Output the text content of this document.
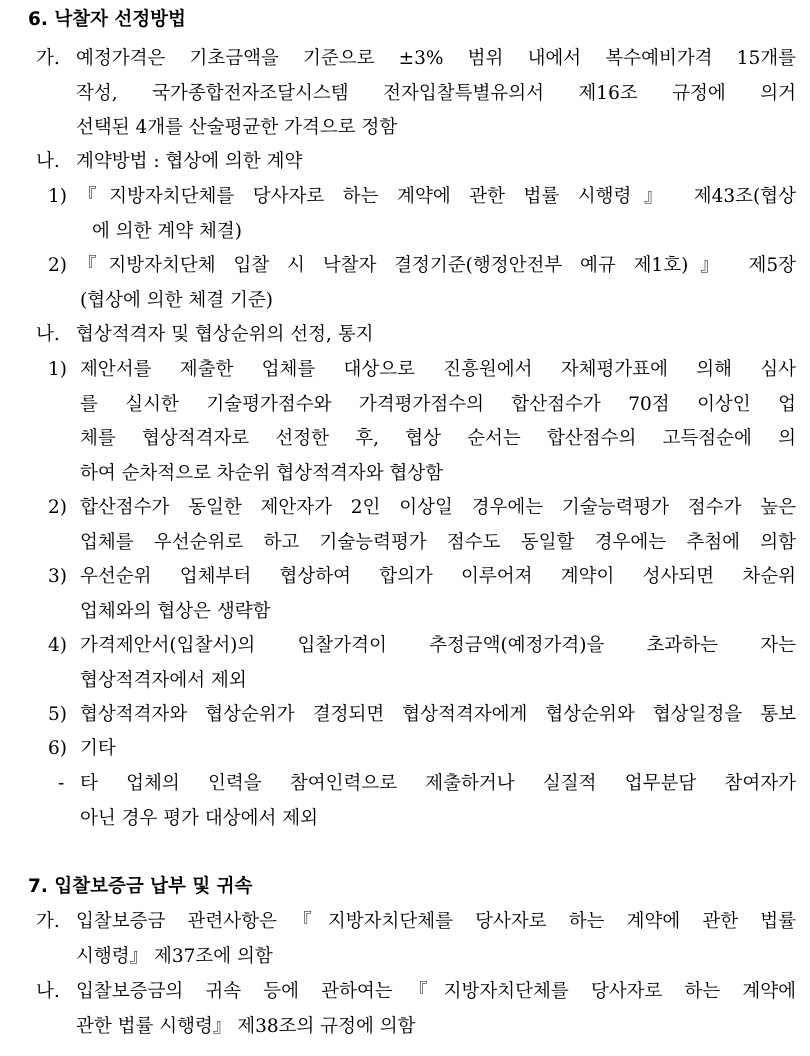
6. 낙찰자 선정방법
가. 예정가격은 기초금액을 기준으로 ±3% 범위 내에서 복수예비가격 15개를
작성, 국가종합전자조달시스템 전자입찰특별유의서 제16조 규정에 의거
선택된 4개를 산술평균한 가격으로 정함
나. 계약방법 : 협상에 의한 계약
1) 『지방자치단체를 당사자로 하는 계약에 관한 법률 시행령』 제43조(협상
에 의한 계약 체결)
2) 『지방자치단체 입찰 시 낙찰자 결정기준(행정안전부 예규 제1호)』 제5장
(협상에 의한 체결 기준)
나. 협상적격자 및 협상순위의 선정, 통지
1) 제안서를 제출한 업체를 대상으로 진흥원에서 자체평가표에 의해 심사
를 실시한 기술평가점수와 가격평가점수의 합산점수가 70점 이상인 업
체를 협상적격자로 선정한 후, 협상 순서는 합산점수의 고득점순에 의
하여 순차적으로 차순위 협상적격자와 협상함
2) 합산점수가 동일한 제안자가 2인 이상일 경우에는 기술능력평가 점수가 높은
업체를 우선순위로 하고 기술능력평가 점수도 동일할 경우에는 추첨에 의함
3) 우선순위 업체부터 협상하여 합의가 이루어져 계약이 성사되면 차순위
업체와의 협상은 생략함
4) 가격제안서(입찰서)의 입찰가격이 추정금액(예정가격)을 초과하는 자는
협상적격자에서 제외
5) 협상적격자와 협상순위가 결정되면 협상적격자에게 협상순위와 협상일정을 통보
6) 기타
- 타 업체의 인력을 참여인력으로 제출하거나 실질적 업무분담 참여자가
아닌 경우 평가 대상에서 제외
7. 입찰보증금 납부 및 귀속
가. 입찰보증금 관련사항은『지방자치단체를 당사자로 하는 계약에 관한 법률
시행령』 제37조에 의함
나. 입찰보증금의 귀속 등에 관하여는『지방자치단체를 당사자로 하는 계약에
관한 법률 시행령』 제38조의 규정에 의함
